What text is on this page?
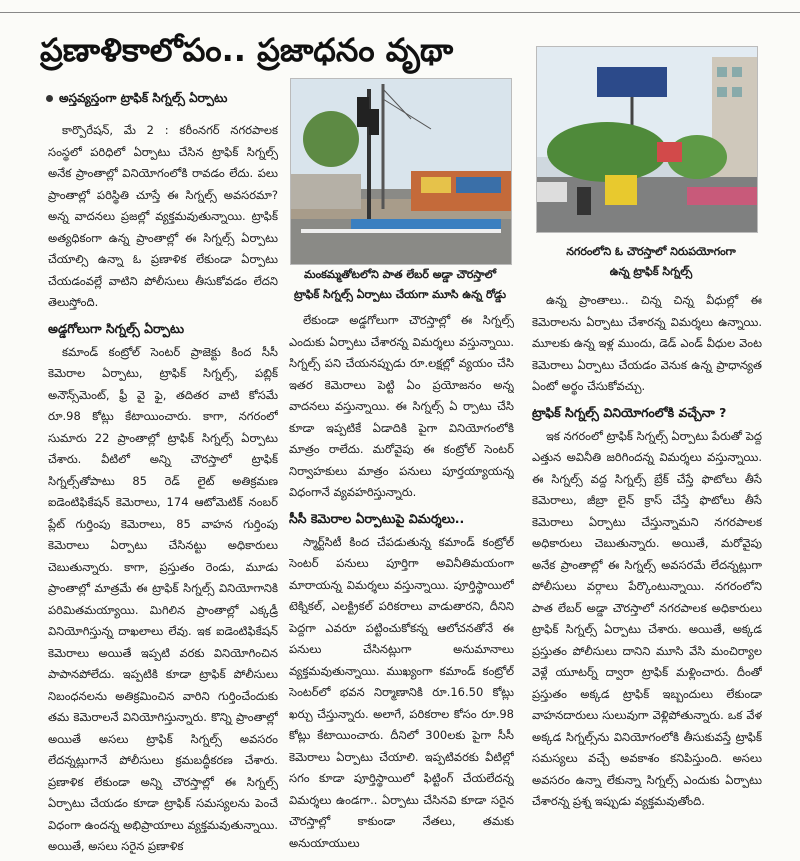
ప్రణాళికాలోపం.. ప్రజాధనం వృథా
అస్తవ్యస్తంగా ట్రాఫిక్ సిగ్నల్స్ ఏర్పాటు

కార్పొరేషన్, మే 2 : కరీంనగర్ నగరపాలక సంస్థలో పరిధిలో ఏర్పాటు చేసిన ట్రాఫిక్ సిగ్నల్స్ అనేక ప్రాంతాల్లో వినియోగంలోకి రావడం లేదు. పలు ప్రాంతాల్లో పరిస్థితి చూస్తే ఈ సిగ్నల్స్ అవసరమా? అన్న వాదనలు ప్రజల్లో వ్యక్తమవుతున్నాయి. ట్రాఫిక్ అత్యధికంగా ఉన్న ప్రాంతాల్లో ఈ సిగ్నల్స్ ఏర్పాటు చేయాల్సి ఉన్నా ఓ ప్రణాళిక లేకుండా ఏర్పాటు చేయడంవల్లే వాటిని పోలీసులు తీసుకోవడం లేదని తెలుస్తోంది.

అడ్డగోలుగా సిగ్నల్స్ ఏర్పాటు

కమాండ్ కంట్రోల్ సెంటర్ ప్రాజెక్టు కింద సీసీ కెమెరాల ఏర్పాటు, ట్రాఫిక్ సిగ్నల్స్, పబ్లిక్ అనౌన్స్‌మెంట్, ఫ్రీ వై ఫై, తదితర వాటి కోసమే రూ.98 కోట్లు కేటాయించారు. కాగా, నగరంలో సుమారు 22 ప్రాంతాల్లో ట్రాఫిక్ సిగ్నల్స్ ఏర్పాటు చేశారు. వీటిలో అన్ని చౌరస్తాలో ట్రాఫిక్ సిగ్నల్స్‌తోపాటు 85 రెడ్ లైట్ అతిక్రమణ ఐడెంటిఫికేషన్ కెమెరాలు, 174 ఆటోమెటిక్ నంబర్ ప్లేట్ గుర్తింపు కెమెరాలు, 85 వాహన గుర్తింపు కెమెరాలు ఏర్పాటు చేసినట్టు అధికారులు చెబుతున్నారు. కాగా, ప్రస్తుతం రెండు, మూడు ప్రాంతాల్లో మాత్రమే ఈ ట్రాఫిక్ సిగ్నల్స్ వినియోగానికి పరిమితమయ్యాయి. మిగిలిన ప్రాంతాల్లో ఎక్కడ్రీ వినియోగిస్తున్న దాఖలాలు లేవు. ఇక ఐడెంటిఫికేషన్ కెమెరాలు అయితే ఇప్పటి వరకు వినియోగించిన పాపానపోలేదు. ఇప్పటికి కూడా ట్రాఫిక్ పోలీసులు నిబంధనలను అతిక్రమించిన వారిని గుర్తించేందుకు తమ కెమెరాలనే వినియోగిస్తున్నారు. కొన్ని ప్రాంతాల్లో అయితే అసలు ట్రాఫిక్ సిగ్నల్స్ అవసరం లేదన్నట్లుగానే పోలీసులు క్రమబద్ధీకరణ చేశారు. ప్రణాళిక లేకుండా అన్ని చౌరస్తాల్లో ఈ సిగ్నల్స్ ఏర్పాటు చేయడం కూడా ట్రాఫిక్ సమస్యలను పెంచే విధంగా ఉందన్న అభిప్రాయాలు వ్యక్తమవుతున్నాయి. అయితే, అసలు సరైన ప్రణాళిక

మంకమ్మతోటలోని పాత లేబర్ అడ్డా చౌరస్తాలో ట్రాఫిక్ సిగ్నల్స్ ఏర్పాటు చేయగా మూసి ఉన్న రోడ్డు
నగరంలోని ఓ చౌరస్తాలో నిరుపయోగంగా ఉన్న ట్రాఫిక్ సిగ్నల్స్

లేకుండా అడ్డగోలుగా చౌరస్తాల్లో ఈ సిగ్నల్స్ ఎందుకు ఏర్పాటు చేశారన్న విమర్శలు వస్తున్నాయి. సిగ్నల్స్ పని చేయనప్పుడు రూ.లక్షల్లో వ్యయం చేసి ఇతర కెమెరాలు పెట్టి ఏం ప్రయోజనం అన్న వాదనలు వస్తున్నాయి. ఈ సిగ్నల్స్ ఏ ర్పాటు చేసి కూడా ఇప్పటికే ఏడాదికి పైగా వినియోగంలోకి మాత్రం రాలేదు. మరోవైపు ఈ కంట్రోల్ సెంటర్ నిర్వాహకులు మాత్రం పనులు పూర్తయ్యాయన్న విధంగానే వ్యవహరిస్తున్నారు.

సీసీ కెమెరాల ఏర్పాటుపై విమర్శలు..

స్మార్ట్‌సిటీ కింద చేపడుతున్న కమాండ్ కంట్రోల్ సెంటర్ పనులు పూర్తిగా అవినీతిమయంగా మారాయన్న విమర్శలు వస్తున్నాయి. పూర్తిస్థాయిలో టెక్నికల్, ఎలక్ట్రికల్ పరికరాలు వాడుతారని, దీనిని పెద్దగా ఎవరూ పట్టించుకోకన్న ఆలోచనతోనే ఈ పనులు చేసినట్లుగా అనుమానాలు వ్యక్తమవుతున్నాయి. ముఖ్యంగా కమాండ్ కంట్రోల్ సెంటర్‌లో భవన నిర్మాణానికి రూ.16.50 కోట్లు ఖర్చు చేస్తున్నారు. అలాగే, పరికరాల కోసం రూ.98 కోట్లు కేటాయించారు. దీనిలో 300లకు పైగా సీసీ కెమెరాలు ఏర్పాటు చేయాలి. ఇప్పటివరకు వీటిల్లో సగం కూడా పూర్తిస్థాయిలో ఫిట్టింగ్ చేయలేదన్న విమర్శలు ఉండగా.. ఏర్పాటు చేసినవి కూడా సరైన చౌరస్తాల్లో కాకుండా నేతలు, తమకు అనుయాయులు

ఉన్న ప్రాంతాలు.. చిన్న చిన్న వీధుల్లో ఈ కెమెరాలను ఏర్పాటు చేశారన్న విమర్శలు ఉన్నాయి. మూలకు ఉన్న ఇళ్ల ముందు, డెడ్ ఎండ్ వీధుల వెంట కెమెరాలు ఏర్పాటు చేయడం వెనుక ఉన్న ప్రాధాన్యత ఏంటో అర్థం చేసుకోవచ్చు.

ట్రాఫిక్ సిగ్నల్స్ వినియోగంలోకి వచ్చేనా ?

ఇక నగరంలో ట్రాఫిక్ సిగ్నల్స్ ఏర్పాటు పేరుతో పెద్ద ఎత్తున అవినీతి జరిగిందన్న విమర్శలు వస్తున్నాయి. ఈ సిగ్నల్స్ వద్ద సిగ్నల్స్ బ్రేక్ చేస్తే ఫొటోలు తీసే కెమెరాలు, జీబ్రా లైన్ క్రాస్ చేస్తే ఫొటోలు తీసే కెమెరాలు ఏర్పాటు చేస్తున్నామని నగరపాలక అధికారులు చెబుతున్నారు. అయితే, మరోవైపు అనేక ప్రాంతాల్లో ఈ సిగ్నల్స్ అవసరమే లేదన్నట్లుగా పోలీసులు వర్గాలు పేర్కొంటున్నాయి. నగరంలోని పాత లేబర్ అడ్డా చౌరస్తాలో నగరపాలక అధికారులు ట్రాఫిక్ సిగ్నల్స్ ఏర్పాటు చేశారు. అయితే, అక్కడ ప్రస్తుతం పోలీసులు దానిని మూసి వేసి మంచిర్యాల వెళ్లే యూటర్న్ ద్వారా ట్రాఫిక్ మళ్లించారు. దీంతో ప్రస్తుతం అక్కడ ట్రాఫిక్ ఇబ్బందులు లేకుండా వాహనదారులు సులువుగా వెళ్లిపోతున్నారు. ఒక వేళ అక్కడ సిగ్నల్స్‌ను వినియోగంలోకి తీసుకువస్తే ట్రాఫిక్ సమస్యలు వచ్చే అవకాశం కనిపిస్తుంది. అసలు అవసరం ఉన్నా లేకున్నా సిగ్నల్స్ ఎందుకు ఏర్పాటు చేశారన్న ప్రశ్న ఇప్పుడు వ్యక్తమవుతోంది.
